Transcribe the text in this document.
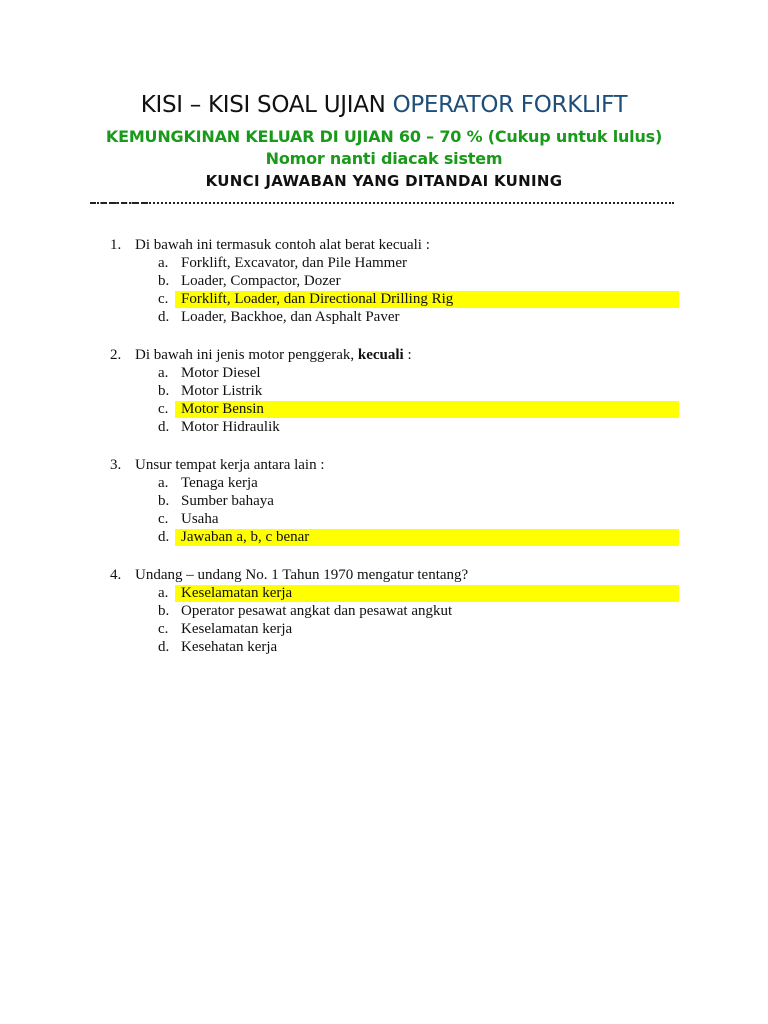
KISI – KISI SOAL UJIAN OPERATOR FORKLIFT
KEMUNGKINAN KELUAR DI UJIAN 60 – 70 % (Cukup untuk lulus)
Nomor nanti diacak sistem
KUNCI JAWABAN YANG DITANDAI KUNING
1. Di bawah ini termasuk contoh alat berat kecuali :
a. Forklift, Excavator, dan Pile Hammer
b. Loader, Compactor, Dozer
c. Forklift, Loader, dan Directional Drilling Rig
d. Loader, Backhoe, dan Asphalt Paver
2. Di bawah ini jenis motor penggerak, kecuali :
a. Motor Diesel
b. Motor Listrik
c. Motor Bensin
d. Motor Hidraulik
3. Unsur tempat kerja antara lain :
a. Tenaga kerja
b. Sumber bahaya
c. Usaha
d. Jawaban a, b, c benar
4. Undang – undang No. 1 Tahun 1970 mengatur tentang?
a. Keselamatan kerja
b. Operator pesawat angkat dan pesawat angkut
c. Keselamatan kerja
d. Kesehatan kerja
